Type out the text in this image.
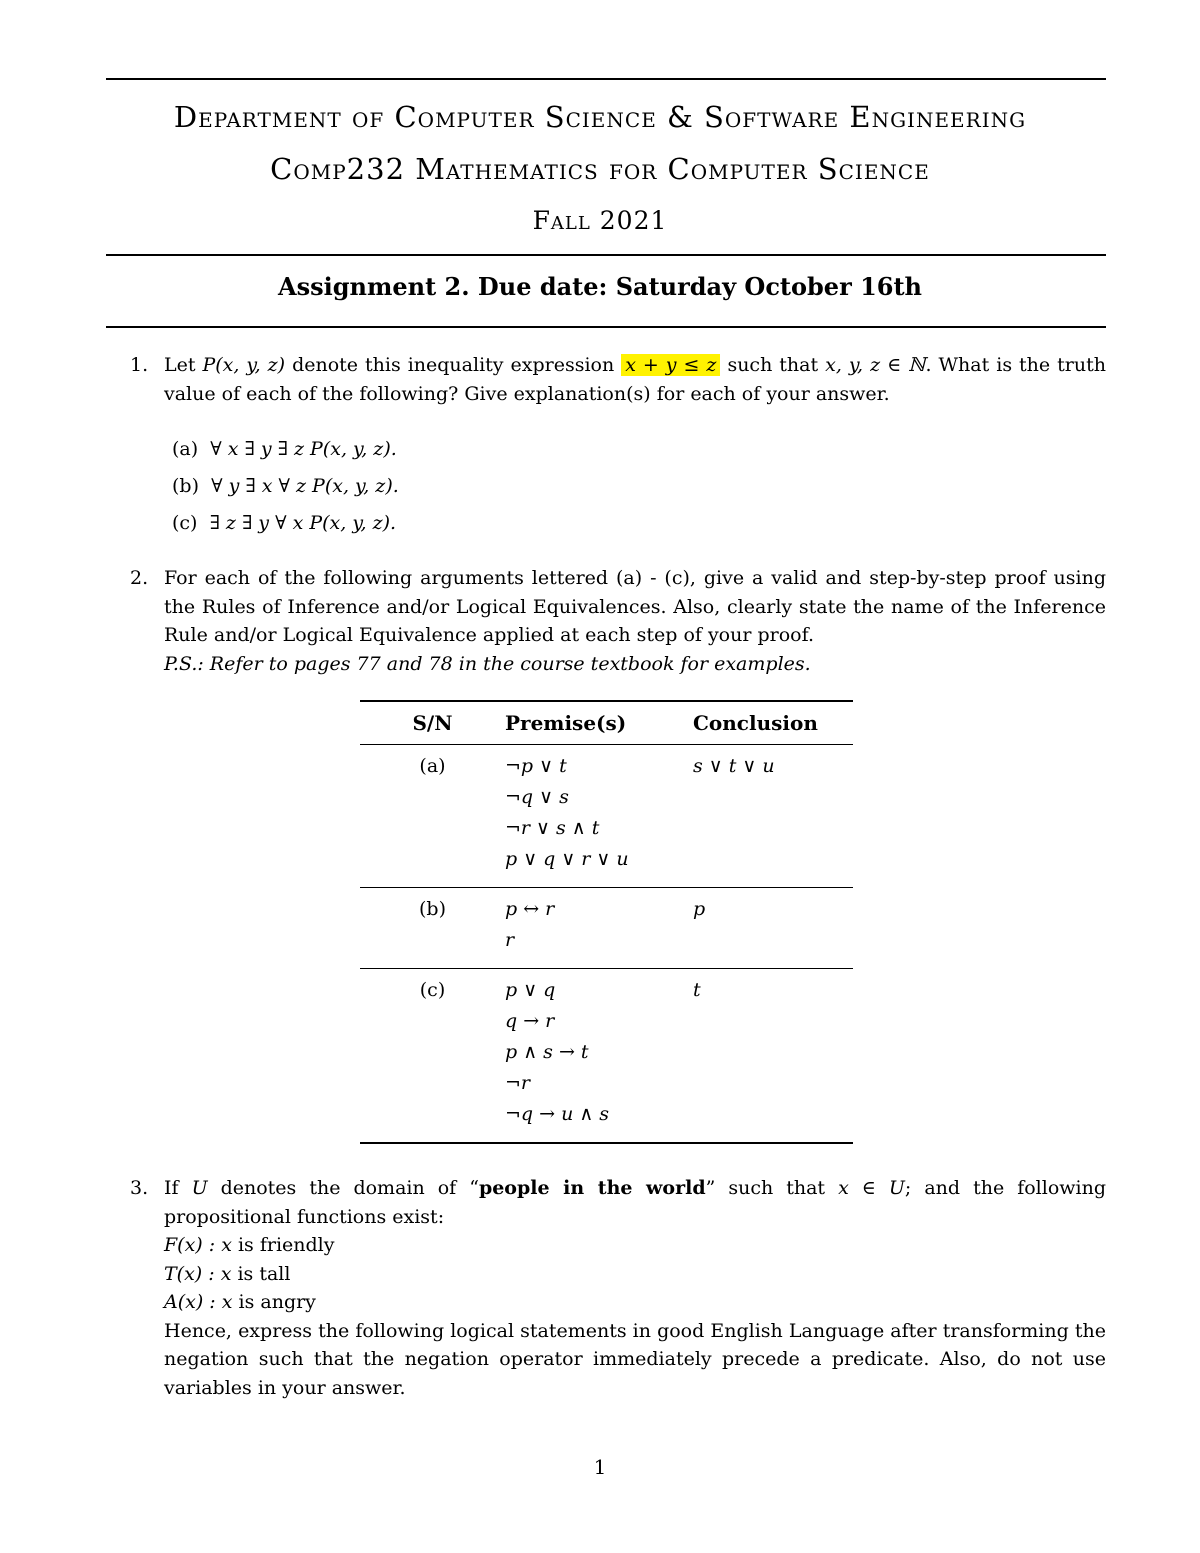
Department of Computer Science & Software Engineering
Comp232 Mathematics for Computer Science
Fall 2021
Assignment 2. Due date: Saturday October 16th
1. Let P(x, y, z) denote this inequality expression x + y ≤ z such that x, y, z ∈ ℕ. What is the truth value of each of the following? Give explanation(s) for each of your answer.
(a) ∀ x ∃ y ∃ z P(x, y, z).
(b) ∀ y ∃ x ∀ z P(x, y, z).
(c) ∃ z ∃ y ∀ x P(x, y, z).
2. For each of the following arguments lettered (a) - (c), give a valid and step-by-step proof using the Rules of Inference and/or Logical Equivalences. Also, clearly state the name of the Inference Rule and/or Logical Equivalence applied at each step of your proof.
P.S.: Refer to pages 77 and 78 in the course textbook for examples.
S/N	Premise(s)	Conclusion
(a)	¬p ∨ t
¬q ∨ s
¬r ∨ s ∧ t
p ∨ q ∨ r ∨ u	s ∨ t ∨ u
(b)	p ↔ r
r	p
(c)	p ∨ q
q → r
p ∧ s → t
¬r
¬q → u ∧ s	t
3. If U denotes the domain of “people in the world” such that x ∈ U; and the following propositional functions exist:
F(x) : x is friendly
T(x) : x is tall
A(x) : x is angry
Hence, express the following logical statements in good English Language after transforming the negation such that the negation operator immediately precede a predicate. Also, do not use variables in your answer.
1
